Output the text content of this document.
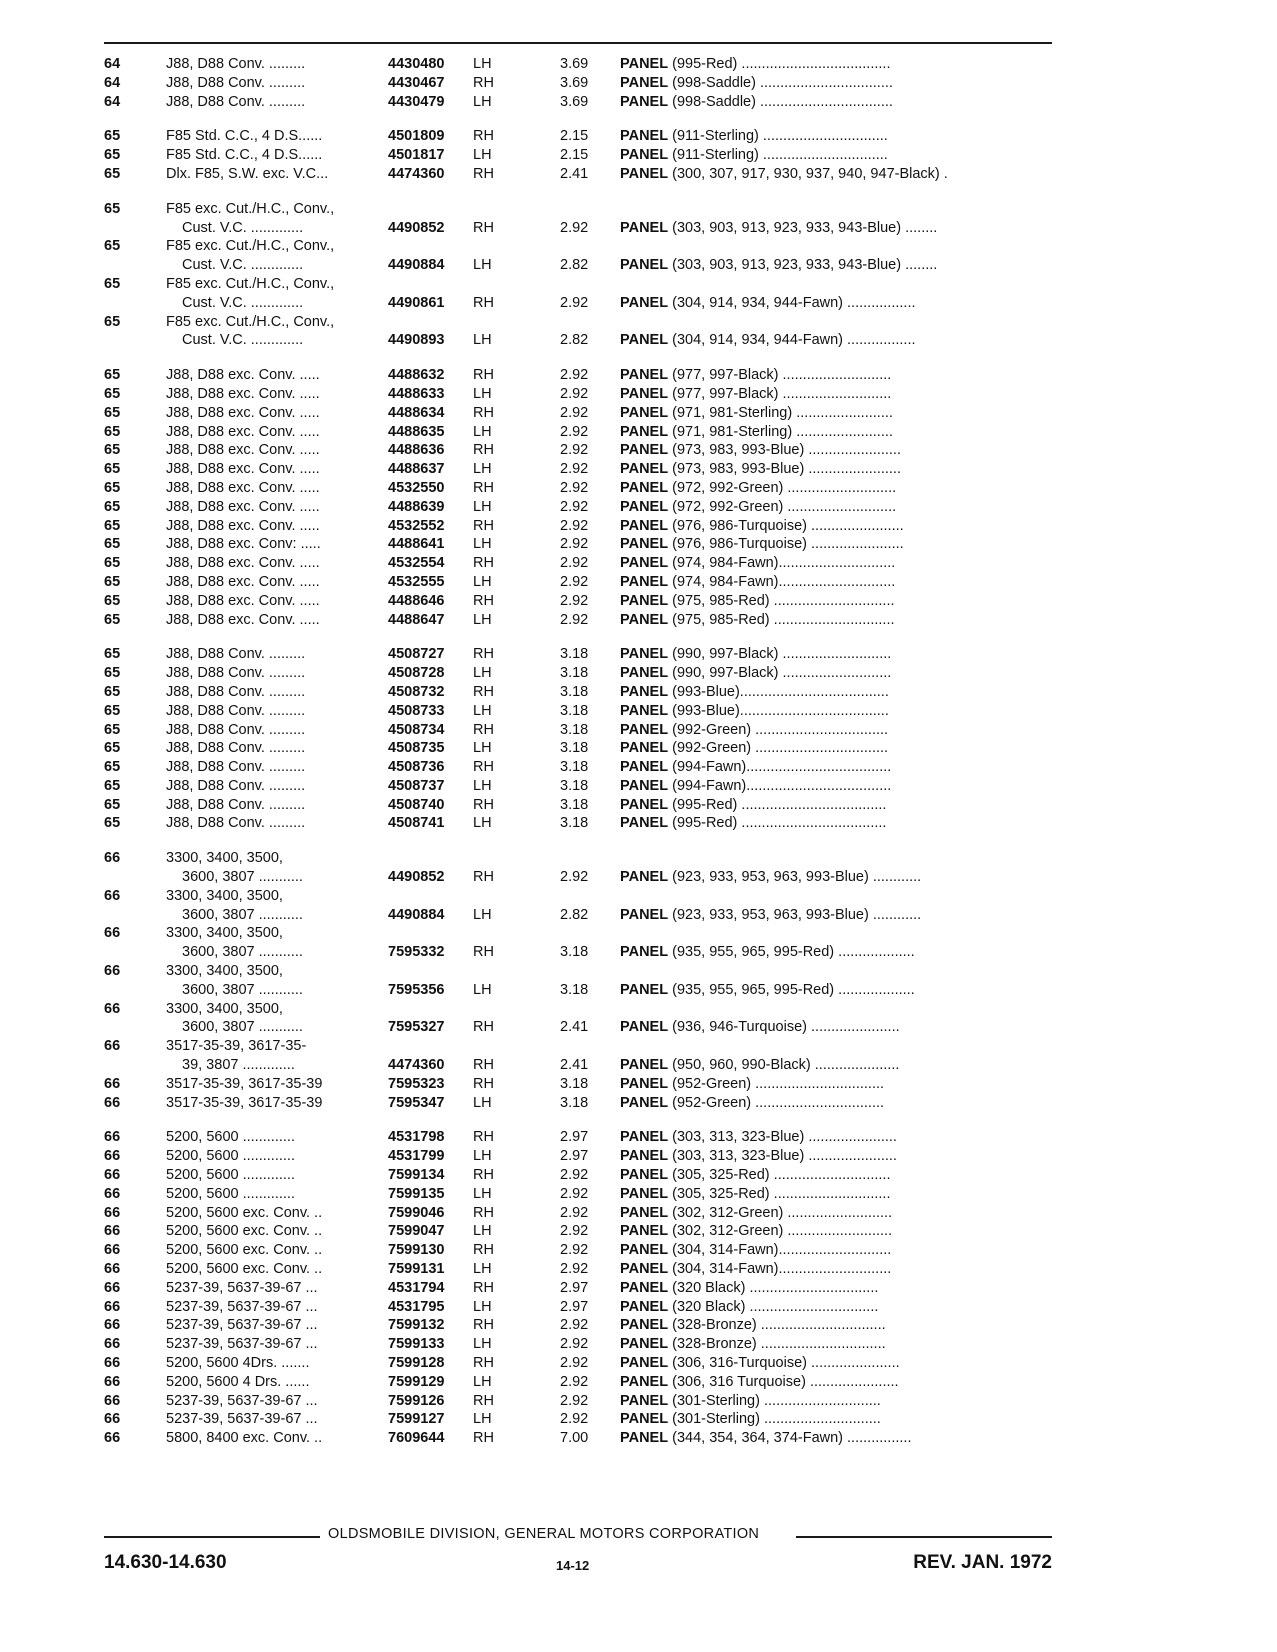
64	J88, D88 Conv. .........	4430480 LH	3.69 PANEL (995-Red) .....................................
64	J88, D88 Conv. .........	4430467 RH	3.69 PANEL (998-Saddle) .................................
64	J88, D88 Conv. .........	4430479 LH	3.69 PANEL (998-Saddle) .................................
65	F85 Std. C.C., 4 D.S......	4501809 RH	2.15 PANEL (911-Sterling) ...............................
65	F85 Std. C.C., 4 D.S......	4501817 LH	2.15 PANEL (911-Sterling) ...............................
65	Dlx. F85, S.W. exc. V.C...	4474360 RH	2.41 PANEL (300, 307, 917, 930, 937, 940, 947-Black) .
65	F85 exc. Cut./H.C., Conv.,
Cust. V.C. .............	4490852 RH	2.92 PANEL (303, 903, 913, 923, 933, 943-Blue) ........
65	F85 exc. Cut./H.C., Conv.,
Cust. V.C. .............	4490884 LH	2.82 PANEL (303, 903, 913, 923, 933, 943-Blue) ........
65	F85 exc. Cut./H.C., Conv.,
Cust. V.C. .............	4490861 RH	2.92 PANEL (304, 914, 934, 944-Fawn) .................
65	F85 exc. Cut./H.C., Conv.,
Cust. V.C. .............	4490893 LH	2.82 PANEL (304, 914, 934, 944-Fawn) .................
65	J88, D88 exc. Conv. .....	4488632 RH	2.92 PANEL (977, 997-Black) ...........................
65	J88, D88 exc. Conv. .....	4488633 LH	2.92 PANEL (977, 997-Black) ...........................
65	J88, D88 exc. Conv. .....	4488634 RH	2.92 PANEL (971, 981-Sterling) ........................
65	J88, D88 exc. Conv. .....	4488635 LH	2.92 PANEL (971, 981-Sterling) ........................
65	J88, D88 exc. Conv. .....	4488636 RH	2.92 PANEL (973, 983, 993-Blue) .......................
65	J88, D88 exc. Conv. .....	4488637 LH	2.92 PANEL (973, 983, 993-Blue) .......................
65	J88, D88 exc. Conv. .....	4532550 RH	2.92 PANEL (972, 992-Green) ...........................
65	J88, D88 exc. Conv. .....	4488639 LH	2.92 PANEL (972, 992-Green) ...........................
65	J88, D88 exc. Conv. .....	4532552 RH	2.92 PANEL (976, 986-Turquoise) .......................
65	J88, D88 exc. Conv: .....	4488641 LH	2.92 PANEL (976, 986-Turquoise) .......................
65	J88, D88 exc. Conv. .....	4532554 RH	2.92 PANEL (974, 984-Fawn).............................
65	J88, D88 exc. Conv. .....	4532555 LH	2.92 PANEL (974, 984-Fawn).............................
65	J88, D88 exc. Conv. .....	4488646 RH	2.92 PANEL (975, 985-Red) ..............................
65	J88, D88 exc. Conv. .....	4488647 LH	2.92 PANEL (975, 985-Red) ..............................
65	J88, D88 Conv. .........	4508727 RH	3.18 PANEL (990, 997-Black) ...........................
65	J88, D88 Conv. .........	4508728 LH	3.18 PANEL (990, 997-Black) ...........................
65	J88, D88 Conv. .........	4508732 RH	3.18 PANEL (993-Blue).....................................
65	J88, D88 Conv. .........	4508733 LH	3.18 PANEL (993-Blue).....................................
65	J88, D88 Conv. .........	4508734 RH	3.18 PANEL (992-Green) .................................
65	J88, D88 Conv. .........	4508735 LH	3.18 PANEL (992-Green) .................................
65	J88, D88 Conv. .........	4508736 RH	3.18 PANEL (994-Fawn)....................................
65	J88, D88 Conv. .........	4508737 LH	3.18 PANEL (994-Fawn)....................................
65	J88, D88 Conv. .........	4508740 RH	3.18 PANEL (995-Red) ....................................
65	J88, D88 Conv. .........	4508741 LH	3.18 PANEL (995-Red) ....................................
66	3300, 3400, 3500,
3600, 3807 ...........	4490852 RH	2.92 PANEL (923, 933, 953, 963, 993-Blue) ............
66	3300, 3400, 3500,
3600, 3807 ...........	4490884 LH	2.82 PANEL (923, 933, 953, 963, 993-Blue) ............
66	3300, 3400, 3500,
3600, 3807 ...........	7595332 RH	3.18 PANEL (935, 955, 965, 995-Red) ...................
66	3300, 3400, 3500,
3600, 3807 ...........	7595356 LH	3.18 PANEL (935, 955, 965, 995-Red) ...................
66	3300, 3400, 3500,
3600, 3807 ...........	7595327 RH	2.41 PANEL (936, 946-Turquoise) ......................
66	3517-35-39, 3617-35-
39, 3807 .............	4474360 RH	2.41 PANEL (950, 960, 990-Black) .....................
66	3517-35-39, 3617-35-39	7595323 RH	3.18 PANEL (952-Green) ................................
66	3517-35-39, 3617-35-39	7595347 LH	3.18 PANEL (952-Green) ................................
66	5200, 5600 .............	4531798 RH	2.97 PANEL (303, 313, 323-Blue) ......................
66	5200, 5600 .............	4531799 LH	2.97 PANEL (303, 313, 323-Blue) ......................
66	5200, 5600 .............	7599134 RH	2.92 PANEL (305, 325-Red) .............................
66	5200, 5600 .............	7599135 LH	2.92 PANEL (305, 325-Red) .............................
66	5200, 5600 exc. Conv. ..	7599046 RH	2.92 PANEL (302, 312-Green) ..........................
66	5200, 5600 exc. Conv. ..	7599047 LH	2.92 PANEL (302, 312-Green) ..........................
66	5200, 5600 exc. Conv. ..	7599130 RH	2.92 PANEL (304, 314-Fawn)............................
66	5200, 5600 exc. Conv. ..	7599131 LH	2.92 PANEL (304, 314-Fawn)............................
66	5237-39, 5637-39-67 ...	4531794 RH	2.97 PANEL (320 Black) ................................
66	5237-39, 5637-39-67 ...	4531795 LH	2.97 PANEL (320 Black) ................................
66	5237-39, 5637-39-67 ...	7599132 RH	2.92 PANEL (328-Bronze) ...............................
66	5237-39, 5637-39-67 ...	7599133 LH	2.92 PANEL (328-Bronze) ...............................
66	5200, 5600 4Drs. .......	7599128 RH	2.92 PANEL (306, 316-Turquoise) ......................
66	5200, 5600 4 Drs. ......	7599129 LH	2.92 PANEL (306, 316 Turquoise) ......................
66	5237-39, 5637-39-67 ...	7599126 RH	2.92 PANEL (301-Sterling) .............................
66	5237-39, 5637-39-67 ...	7599127 LH	2.92 PANEL (301-Sterling) .............................
66	5800, 8400 exc. Conv. ..	7609644 RH	7.00 PANEL (344, 354, 364, 374-Fawn) ................
OLDSMOBILE DIVISION, GENERAL MOTORS CORPORATION
14.630-14.630	14-12	REV. JAN. 1972
